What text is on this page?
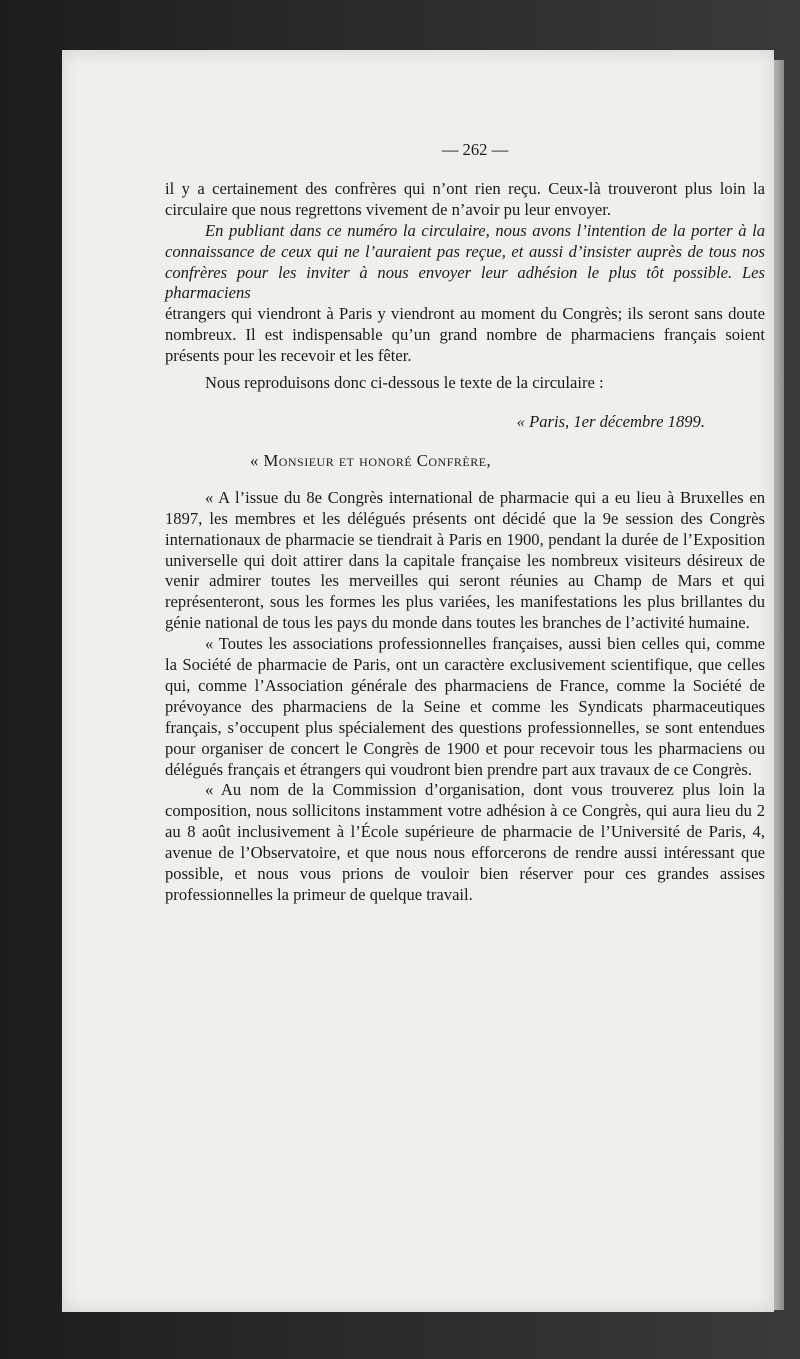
— 262 —

il y a certainement des confrères qui n’ont rien reçu. Ceux-là trouveront plus loin la circulaire que nous regrettons vivement de n’avoir pu leur envoyer.

En publiant dans ce numéro la circulaire, nous avons l’intention de la porter à la connaissance de ceux qui ne l’auraient pas reçue, et aussi d’insister auprès de tous nos confrères pour les inviter à nous envoyer leur adhésion le plus tôt possible. Les pharmaciens

étrangers qui viendront à Paris y viendront au moment du Congrès; ils seront sans doute nombreux. Il est indispensable qu’un grand nombre de pharmaciens français soient présents pour les recevoir et les fêter.

Nous reproduisons donc ci-dessous le texte de la circulaire :

« Paris, 1er décembre 1899.
« Monsieur et honoré Confrère,

« A l’issue du 8e Congrès international de pharmacie qui a eu lieu à Bruxelles en 1897, les membres et les délégués présents ont décidé que la 9e session des Congrès internationaux de pharmacie se tiendrait à Paris en 1900, pendant la durée de l’Exposition universelle qui doit attirer dans la capitale française les nombreux visiteurs désireux de venir admirer toutes les merveilles qui seront réunies au Champ de Mars et qui représenteront, sous les formes les plus variées, les manifestations les plus brillantes du génie national de tous les pays du monde dans toutes les branches de l’activité humaine.

« Toutes les associations professionnelles françaises, aussi bien celles qui, comme la Société de pharmacie de Paris, ont un caractère exclusivement scientifique, que celles qui, comme l’Association générale des pharmaciens de France, comme la Société de prévoyance des pharmaciens de la Seine et comme les Syndicats pharmaceutiques français, s’occupent plus spécialement des questions professionnelles, se sont entendues pour organiser de concert le Congrès de 1900 et pour recevoir tous les pharmaciens ou délégués français et étrangers qui voudront bien prendre part aux travaux de ce Congrès.

« Au nom de la Commission d’organisation, dont vous trouverez plus loin la composition, nous sollicitons instamment votre adhésion à ce Congrès, qui aura lieu du 2 au 8 août inclusivement à l’École supérieure de pharmacie de l’Université de Paris, 4, avenue de l’Observatoire, et que nous nous efforcerons de rendre aussi intéressant que possible, et nous vous prions de vouloir bien réserver pour ces grandes assises professionnelles la primeur de quelque travail.
